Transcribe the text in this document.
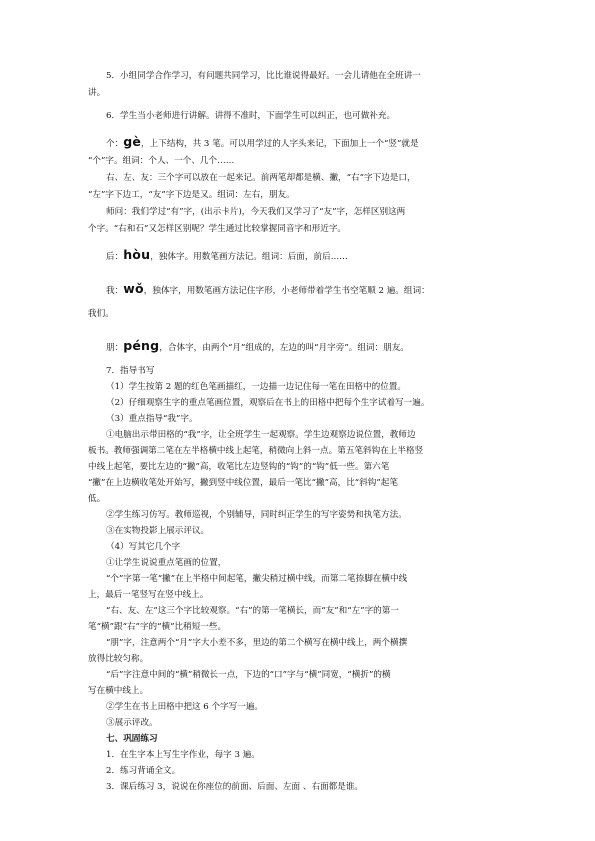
5．小组同学合作学习，有问题共同学习，比比谁说得最好。一会儿请他在全班讲一

讲。

6．学生当小老师进行讲解。讲得不准时，下面学生可以纠正，也可做补充。

个：gè，上下结构，共 3 笔。可以用学过的人字头来记，下面加上一个“竖”就是

“个”字。组词：个人、一个、几个……

右、左、友：三个字可以放在一起来记。前两笔却都是横、撇，“右”字下边是口，

“左”字下边工，“友”字下边是又。组词：左右，朋友。

师问：我们学过“有”字，(出示卡片)，今天我们又学习了“友”字，怎样区别这两

个字。“右和石”又怎样区别呢？学生通过比较掌握同音字和形近字。

后：hòu，独体字。用数笔画方法记。组词：后面，前后……

我：wǒ，独体字，用数笔画方法记住字形，小老师带着学生书空笔顺 2 遍。组词：

我们。

朋：péng，合体字，由两个“月”组成的，左边的叫“月字旁”。组词：朋友。

7．指导书写

（1）学生按第 2 题的红色笔画描红，一边描一边记住每一笔在田格中的位置。

（2）仔细观察生字的重点笔画位置，观察后在书上的田格中把每个生字试着写一遍。

（3）重点指导“我”字。

①电脑出示带田格的“我”字，让全班学生一起观察。学生边观察边说位置，教师边

板书。教师强调第二笔在左半格横中线上起笔，稍微向上斜一点。第五笔斜钩在上半格竖

中线上起笔，要比左边的“撇”高，收笔比左边竖钩的“钩”的“钩”低一些。第六笔

“撇”在上边横收笔处开始写，撇到竖中线位置，最后一笔比“撇”高，比“斜钩”起笔

低。

②学生练习仿写。教师巡视，个别辅导，同时纠正学生的写字姿势和执笔方法。

③在实物投影上展示评议。

（4）写其它几个字

①让学生说说重点笔画的位置，

“个”字第一笔“撇”在上半格中间起笔，撇尖稍过横中线，而第二笔捺脚在横中线

上，最后一笔竖写在竖中线上。

“右、友、左”这三个字比较观察。“右”的第一笔横长，而“友”和“左”字的第一

笔“横”跟“右”字的“横”比稍短一些。

“朋”字，注意两个“月”字大小差不多，里边的第二个横写在横中线上，两个横撰

放得比较匀称。

“后”字注意中间的“横”稍微长一点，下边的“口”字与“横”同宽，“横折”的横

写在横中线上。

②学生在书上田格中把这 6 个字写一遍。

③展示评改。

七、巩固练习

1．在生字本上写生字作业，每字 3 遍。

2．练习背诵全文。

3．课后练习 3，说说在你座位的前面、后面、左面 、右面都是谁。
